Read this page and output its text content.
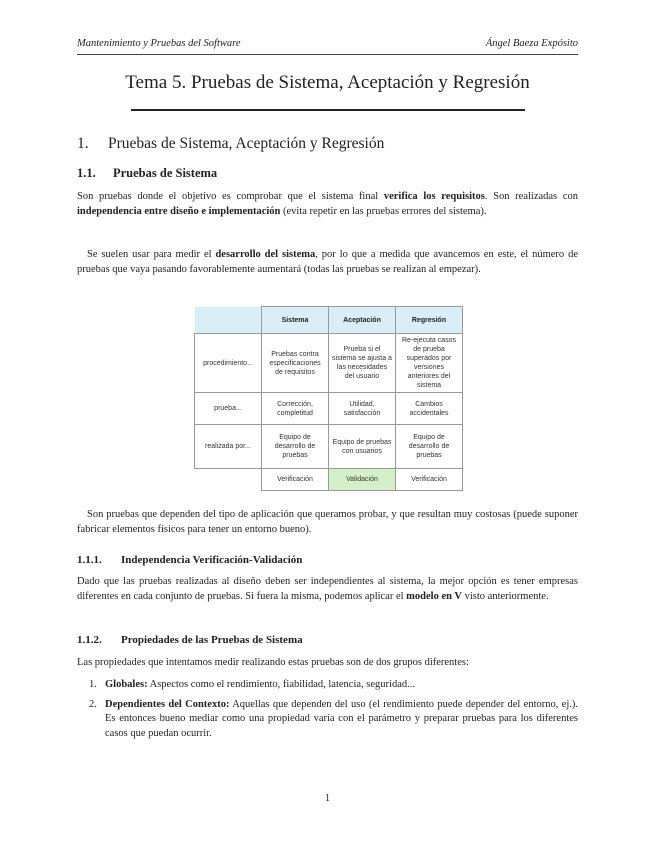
Mantenimiento y Pruebas del Software	Ángel Baeza Expósito
Tema 5. Pruebas de Sistema, Aceptación y Regresión
1. Pruebas de Sistema, Aceptación y Regresión
1.1. Pruebas de Sistema
Son pruebas donde el objetivo es comprobar que el sistema final verifica los requisitos. Son realizadas con independencia entre diseño e implementación (evita repetir en las pruebas errores del sistema).
Se suelen usar para medir el desarrollo del sistema, por lo que a medida que avancemos en este, el número de pruebas que vaya pasando favorablemente aumentará (todas las pruebas se realizan al empezar).
	Sistema	Aceptación	Regresión
procedimiento...	Pruebas contra especificaciones de requisitos	Prueba si el sistema se ajusta a las necesidades del usuario	Re-ejecuta casos de prueba superados por versiones anteriores del sistema
prueba...	Corrección, completitud	Utilidad, satisfacción	Cambios accidentales
realizada por...	Equipo de desarrollo de pruebas	Equipo de pruebas con usuarios	Equipo de desarrollo de pruebas
	Verificación	Validación	Verificación
Son pruebas que dependen del tipo de aplicación que queramos probar, y que resultan muy costosas (puede suponer fabricar elementos físicos para tener un entorno bueno).
1.1.1. Independencia Verificación-Validación
Dado que las pruebas realizadas al diseño deben ser independientes al sistema, la mejor opción es tener empresas diferentes en cada conjunto de pruebas. Si fuera la misma, podemos aplicar el modelo en V visto anteriormente.
1.1.2. Propiedades de las Pruebas de Sistema
Las propiedades que intentamos medir realizando estas pruebas son de dos grupos diferentes:
1. Globales: Aspectos como el rendimiento, fiabilidad, latencia, seguridad...
2. Dependientes del Contexto: Aquellas que dependen del uso (el rendimiento puede depender del entorno, ej.). Es entonces bueno mediar como una propiedad varía con el parámetro y preparar pruebas para los diferentes casos que puedan ocurrir.
1
